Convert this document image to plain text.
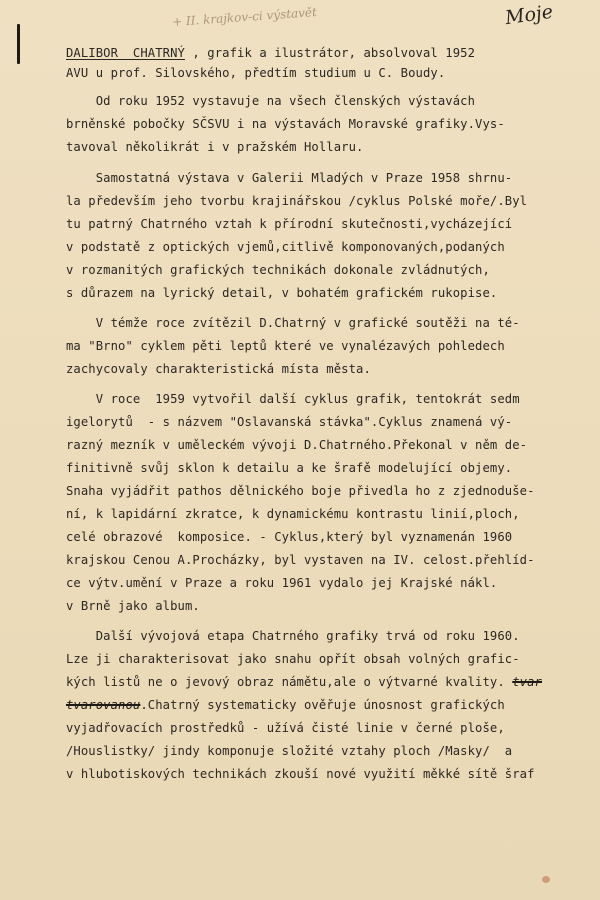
+ II. krajkov-ci výstavět	Moje
DALIBOR  CHATRNÝ , grafik a ilustrátor, absolvoval 1952
AVU u prof. Silovského, předtím studium u C. Boudy.
Od roku 1952 vystavuje na všech členských výstavách
brněnské pobočky SČSVU i na výstavách Moravské grafiky.Vys-
tavoval několikrát i v pražském Hollaru.
Samostatná výstava v Galerii Mladých v Praze 1958 shrnu-
la především jeho tvorbu krajinářskou /cyklus Polské moře/.Byl
tu patrný Chatrného vztah k přírodní skutečnosti,vycházející
v podstatě z optických vjemů,citlivě komponovaných,podaných
v rozmanitých grafických technikách dokonale zvládnutých,
s důrazem na lyrický detail, v bohatém grafickém rukopise.
V témže roce zvítězil D.Chatrný v grafické soutěži na té-
ma "Brno" cyklem pěti leptů které ve vynalézavých pohledech
zachycovaly charakteristická místa města.
V roce  1959 vytvořil další cyklus grafik, tentokrát sedm
igelorytů  - s názvem "Oslavanská stávka".Cyklus znamená vý-
razný mezník v uměleckém vývoji D.Chatrného.Překonal v něm de-
finitivně svůj sklon k detailu a ke šrafě modelující objemy.
Snaha vyjádřit pathos dělnického boje přivedla ho z zjednoduše-
ní, k lapidární zkratce, k dynamickému kontrastu linií,ploch,
celé obrazové  komposice. - Cyklus,který byl vyznamenán 1960
krajskou Cenou A.Procházky, byl vystaven na IV. celost.přehlíd-
ce výtv.umění v Praze a roku 1961 vydalo jej Krajské nákl.
v Brně jako album.
Další vývojová etapa Chatrného grafiky trvá od roku 1960.
Lze ji charakterisovat jako snahu opřít obsah volných grafic-
kých listů ne o jevový obraz námětu,ale o výtvarné kvality. tvar
tvarovanou.Chatrný systematicky ověřuje únosnost grafických
vyjadřovacích prostředků - užívá čisté linie v černé ploše,
/Houslistky/ jindy komponuje složité vztahy ploch /Masky/  a
v hlubotiskových technikách zkouší nové využití měkké sítě šraf
